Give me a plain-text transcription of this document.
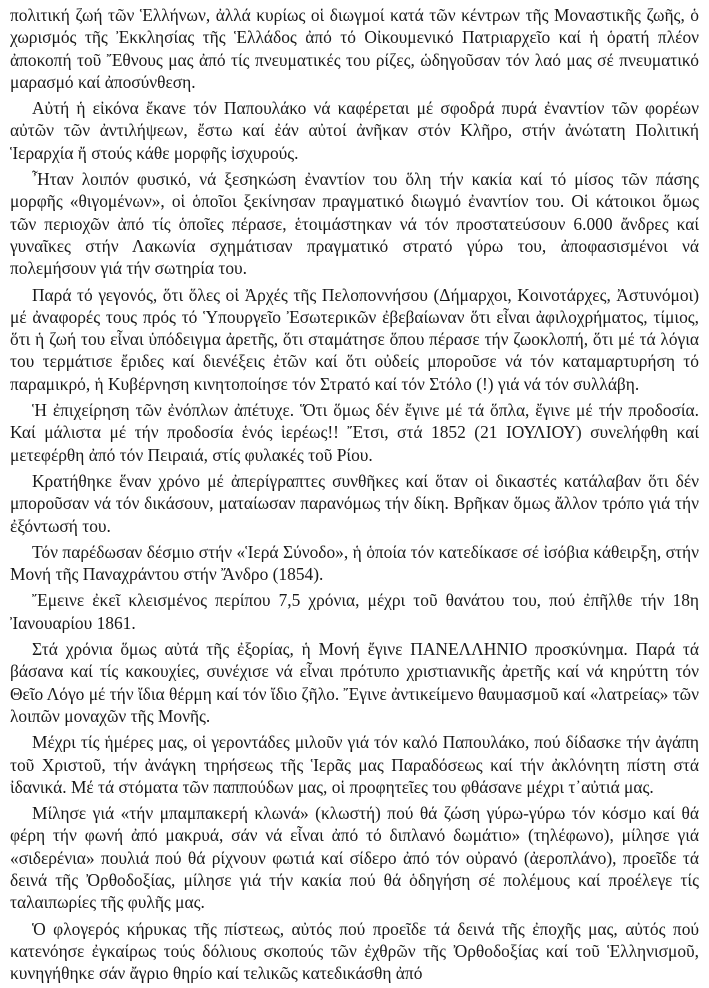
πολιτική ζωή τῶν Ἑλλήνων, ἀλλά κυρίως οἱ διωγμοί κατά τῶν κέντρων τῆς Μοναστικῆς ζωῆς, ὁ χωρισμός τῆς Ἐκκλησίας τῆς Ἑλλάδος ἀπό τό Οἰκουμενικό Πατριαρχεῖο καί ἡ ὁρατή πλέον ἀποκοπή τοῦ Ἔθνους μας ἀπό τίς πνευματικές του ρίζες, ὡδηγοῦσαν τόν λαό μας σέ πνευματικό μαρασμό καί ἀποσύνθεση.

Αὐτή ἡ εἰκόνα ἔκανε τόν Παπουλάκο νά καφέρεται μέ σφοδρά πυρά ἐναντίον τῶν φορέων αὐτῶν τῶν ἀντιλήψεων, ἔστω καί ἐάν αὐτοί ἀνῆκαν στόν Κλῆρο, στήν ἀνώτατη Πολιτική Ἱεραρχία ἤ στούς κάθε μορφῆς ἰσχυρούς.

Ἦταν λοιπόν φυσικό, νά ξεσηκώση ἐναντίον του ὅλη τήν κακία καί τό μίσος τῶν πάσης μορφῆς «θιγομένων», οἱ ὁποῖοι ξεκίνησαν πραγματικό διωγμό ἐναντίον του. Οἱ κάτοικοι ὅμως τῶν περιοχῶν ἀπό τίς ὁποῖες πέρασε, ἑτοιμάστηκαν νά τόν προστατεύσουν 6.000 ἄνδρες καί γυναῖκες στήν Λακωνία σχημάτισαν πραγματικό στρατό γύρω του, ἀποφασισμένοι νά πολεμήσουν γιά τήν σωτηρία του.

Παρά τό γεγονός, ὅτι ὅλες οἱ Ἀρχές τῆς Πελοποννήσου (Δήμαρχοι, Κοινοτάρχες, Ἀστυνόμοι) μέ ἀναφορές τους πρός τό Ὑπουργεῖο Ἐσωτερικῶν ἐβεβαίωναν ὅτι εἶναι ἀφιλοχρήματος, τίμιος, ὅτι ἡ ζωή του εἶναι ὑπόδειγμα ἀρετῆς, ὅτι σταμάτησε ὅπου πέρασε τήν ζωοκλοπή, ὅτι μέ τά λόγια του τερμάτισε ἔριδες καί διενέξεις ἐτῶν καί ὅτι οὐδείς μποροῦσε νά τόν καταμαρτυρήση τό παραμικρό, ἡ Κυβέρνηση κινητοποίησε τόν Στρατό καί τόν Στόλο (!) γιά νά τόν συλλάβη.

Ἡ ἐπιχείρηση τῶν ἐνόπλων ἀπέτυχε. Ὅτι ὅμως δέν ἔγινε μέ τά ὅπλα, ἔγινε μέ τήν προδοσία. Καί μάλιστα μέ τήν προδοσία ἑνός ἱερέως!! Ἔτσι, στά 1852 (21 ΙΟΥΛΙΟΥ) συνελήφθη καί μετεφέρθη ἀπό τόν Πειραιά, στίς φυλακές τοῦ Ρίου.

Κρατήθηκε ἕναν χρόνο μέ ἀπερίγραπτες συνθῆκες καί ὅταν οἱ δικαστές κατάλαβαν ὅτι δέν μποροῦσαν νά τόν δικάσουν, ματαίωσαν παρανόμως τήν δίκη. Βρῆκαν ὅμως ἄλλον τρόπο γιά τήν ἐξόντωσή του.

Τόν παρέδωσαν δέσμιο στήν «Ἱερά Σύνοδο», ἡ ὁποία τόν κατεδίκασε σέ ἰσόβια κάθειρξη, στήν Μονή τῆς Παναχράντου στήν Ἄνδρο (1854).

Ἔμεινε ἐκεῖ κλεισμένος περίπου 7,5 χρόνια, μέχρι τοῦ θανάτου του, πού ἐπῆλθε τήν 18η Ἰανουαρίου 1861.

Στά χρόνια ὅμως αὐτά τῆς ἐξορίας, ἡ Μονή ἔγινε ΠΑΝΕΛΛΗΝΙΟ προσκύνημα. Παρά τά βάσανα καί τίς κακουχίες, συνέχισε νά εἶναι πρότυπο χριστιανικῆς ἀρετῆς καί νά κηρύττη τόν Θεῖο Λόγο μέ τήν ἴδια θέρμη καί τόν ἴδιο ζῆλο. Ἔγινε ἀντικείμενο θαυμασμοῦ καί «λατρείας» τῶν λοιπῶν μοναχῶν τῆς Μονῆς.

Μέχρι τίς ἡμέρες μας, οἱ γεροντάδες μιλοῦν γιά τόν καλό Παπουλάκο, πού δίδασκε τήν ἀγάπη τοῦ Χριστοῦ, τήν ἀνάγκη τηρήσεως τῆς Ἱερᾶς μας Παραδόσεως καί τήν ἀκλόνητη πίστη στά ἰδανικά. Μέ τά στόματα τῶν παππούδων μας, οἱ προφητεῖες του φθάσανε μέχρι τ᾽αὐτιά μας.

Μίλησε γιά «τήν μπαμπακερή κλωνά» (κλωστή) πού θά ζώση γύρω-γύρω τόν κόσμο καί θά φέρη τήν φωνή ἀπό μακρυά, σάν νά εἶναι ἀπό τό διπλανό δωμάτιο» (τηλέφωνο), μίλησε γιά «σιδερένια» πουλιά πού θά ρίχνουν φωτιά καί σίδερο ἀπό τόν οὐρανό (ἀεροπλάνο), προεῖδε τά δεινά τῆς Ὀρθοδοξίας, μίλησε γιά τήν κακία πού θά ὁδηγήση σέ πολέμους καί προέλεγε τίς ταλαιπωρίες τῆς φυλῆς μας.

Ὁ φλογερός κήρυκας τῆς πίστεως, αὐτός πού προεῖδε τά δεινά τῆς ἐποχῆς μας, αὐτός πού κατενόησε ἐγκαίρως τούς δόλιους σκοπούς τῶν ἐχθρῶν τῆς Ὀρθοδοξίας καί τοῦ Ἑλληνισμοῦ, κυνηγήθηκε σάν ἄγριο θηρίο καί τελικῶς κατεδικάσθη ἀπό
